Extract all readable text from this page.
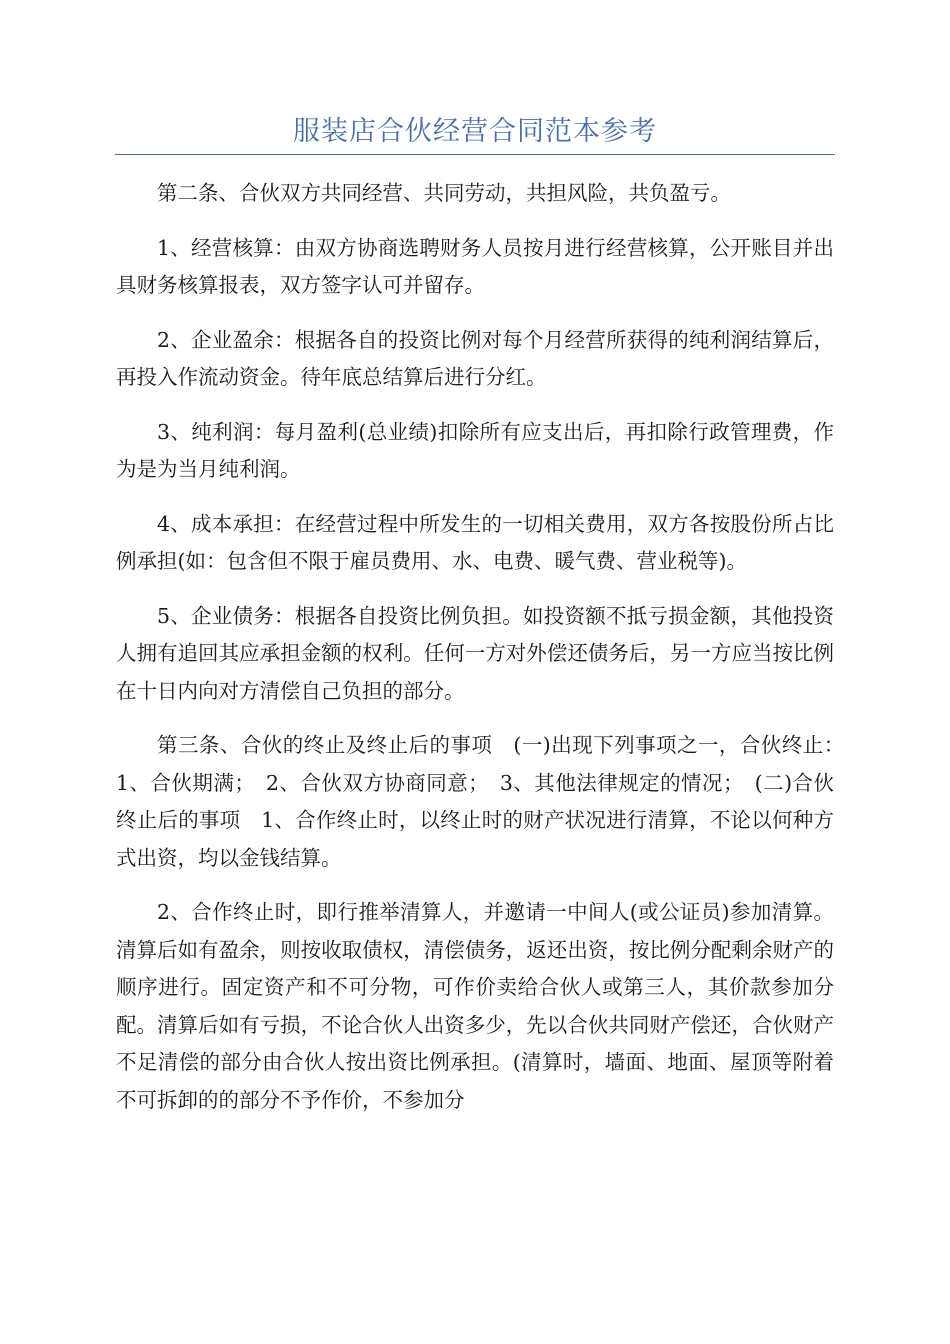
服装店合伙经营合同范本参考

第二条、合伙双方共同经营、共同劳动，共担风险，共负盈亏。

1、经营核算：由双方协商选聘财务人员按月进行经营核算，公开账目并出具财务核算报表，双方签字认可并留存。

2、企业盈余：根据各自的投资比例对每个月经营所获得的纯利润结算后，再投入作流动资金。待年底总结算后进行分红。

3、纯利润：每月盈利(总业绩)扣除所有应支出后，再扣除行政管理费，作为是为当月纯利润。

4、成本承担：在经营过程中所发生的一切相关费用，双方各按股份所占比例承担(如：包含但不限于雇员费用、水、电费、暖气费、营业税等)。

5、企业债务：根据各自投资比例负担。如投资额不抵亏损金额，其他投资人拥有追回其应承担金额的权利。任何一方对外偿还债务后，另一方应当按比例在十日内向对方清偿自己负担的部分。

第三条、合伙的终止及终止后的事项　(一)出现下列事项之一，合伙终止：　1、合伙期满；　2、合伙双方协商同意；　3、其他法律规定的情况；　(二)合伙终止后的事项　1、合作终止时，以终止时的财产状况进行清算，不论以何种方式出资，均以金钱结算。

2、合作终止时，即行推举清算人，并邀请一中间人(或公证员)参加清算。清算后如有盈余，则按收取债权，清偿债务，返还出资，按比例分配剩余财产的顺序进行。固定资产和不可分物，可作价卖给合伙人或第三人，其价款参加分配。清算后如有亏损，不论合伙人出资多少，先以合伙共同财产偿还，合伙财产不足清偿的部分由合伙人按出资比例承担。(清算时，墙面、地面、屋顶等附着不可拆卸的的部分不予作价，不参加分
